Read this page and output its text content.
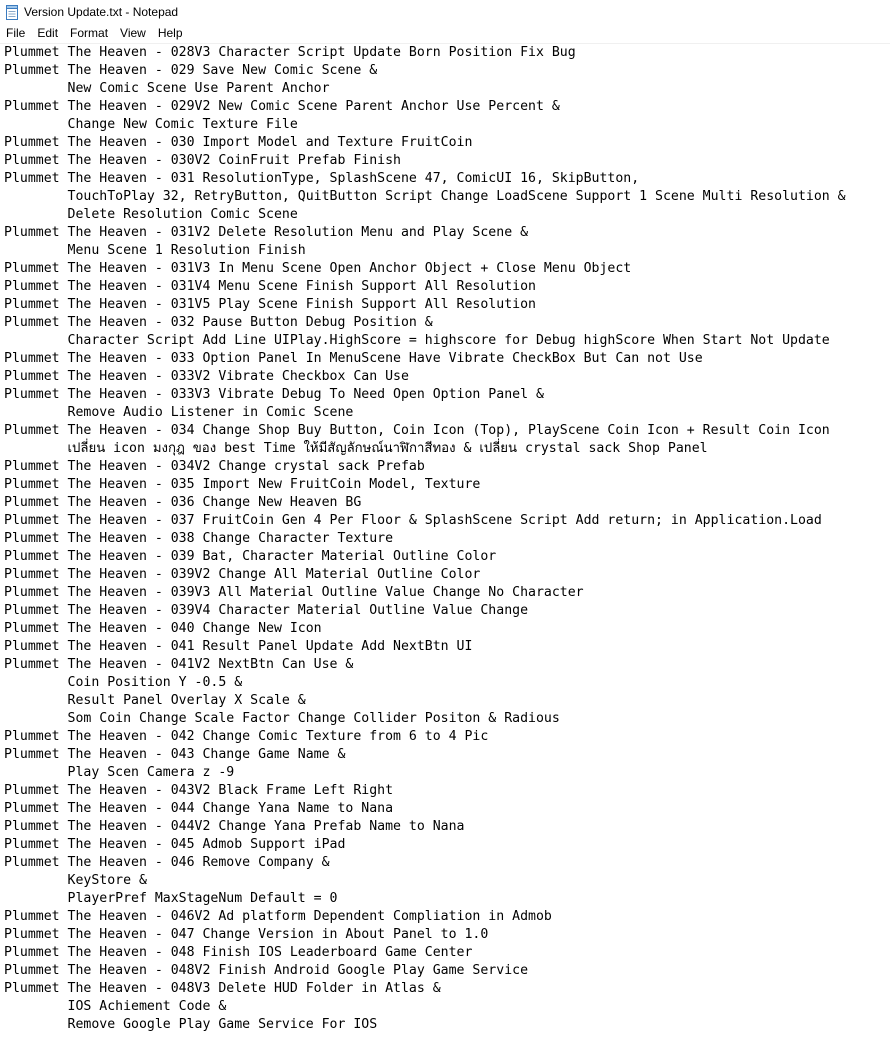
Version Update.txt - Notepad
File	Edit	Format	View	Help
Plummet The Heaven - 028V3 Character Script Update Born Position Fix Bug
Plummet The Heaven - 029 Save New Comic Scene &
New Comic Scene Use Parent Anchor
Plummet The Heaven - 029V2 New Comic Scene Parent Anchor Use Percent &
Change New Comic Texture File
Plummet The Heaven - 030 Import Model and Texture FruitCoin
Plummet The Heaven - 030V2 CoinFruit Prefab Finish
Plummet The Heaven - 031 ResolutionType, SplashScene 47, ComicUI 16, SkipButton,
TouchToPlay 32, RetryButton, QuitButton Script Change LoadScene Support 1 Scene Multi Resolution &
Delete Resolution Comic Scene
Plummet The Heaven - 031V2 Delete Resolution Menu and Play Scene &
Menu Scene 1 Resolution Finish
Plummet The Heaven - 031V3 In Menu Scene Open Anchor Object + Close Menu Object
Plummet The Heaven - 031V4 Menu Scene Finish Support All Resolution
Plummet The Heaven - 031V5 Play Scene Finish Support All Resolution
Plummet The Heaven - 032 Pause Button Debug Position &
Character Script Add Line UIPlay.HighScore = highscore for Debug highScore When Start Not Update
Plummet The Heaven - 033 Option Panel In MenuScene Have Vibrate CheckBox But Can not Use
Plummet The Heaven - 033V2 Vibrate Checkbox Can Use
Plummet The Heaven - 033V3 Vibrate Debug To Need Open Option Panel &
Remove Audio Listener in Comic Scene
Plummet The Heaven - 034 Change Shop Buy Button, Coin Icon (Top), PlayScene Coin Icon + Result Coin Icon
เปลี่ยน icon มงกุฎ ของ best Time ให้มีสัญลักษณ์นาฬิกาสีทอง & เปลี่ยน crystal sack Shop Panel
Plummet The Heaven - 034V2 Change crystal sack Prefab
Plummet The Heaven - 035 Import New FruitCoin Model, Texture
Plummet The Heaven - 036 Change New Heaven BG
Plummet The Heaven - 037 FruitCoin Gen 4 Per Floor & SplashScene Script Add return; in Application.Load
Plummet The Heaven - 038 Change Character Texture
Plummet The Heaven - 039 Bat, Character Material Outline Color
Plummet The Heaven - 039V2 Change All Material Outline Color
Plummet The Heaven - 039V3 All Material Outline Value Change No Character
Plummet The Heaven - 039V4 Character Material Outline Value Change
Plummet The Heaven - 040 Change New Icon
Plummet The Heaven - 041 Result Panel Update Add NextBtn UI
Plummet The Heaven - 041V2 NextBtn Can Use &
Coin Position Y -0.5 &
Result Panel Overlay X Scale &
Som Coin Change Scale Factor Change Collider Positon & Radious
Plummet The Heaven - 042 Change Comic Texture from 6 to 4 Pic
Plummet The Heaven - 043 Change Game Name &
Play Scen Camera z -9
Plummet The Heaven - 043V2 Black Frame Left Right
Plummet The Heaven - 044 Change Yana Name to Nana
Plummet The Heaven - 044V2 Change Yana Prefab Name to Nana
Plummet The Heaven - 045 Admob Support iPad
Plummet The Heaven - 046 Remove Company &
KeyStore &
PlayerPref MaxStageNum Default = 0
Plummet The Heaven - 046V2 Ad platform Dependent Compliation in Admob
Plummet The Heaven - 047 Change Version in About Panel to 1.0
Plummet The Heaven - 048 Finish IOS Leaderboard Game Center
Plummet The Heaven - 048V2 Finish Android Google Play Game Service
Plummet The Heaven - 048V3 Delete HUD Folder in Atlas &
IOS Achiement Code &
Remove Google Play Game Service For IOS
